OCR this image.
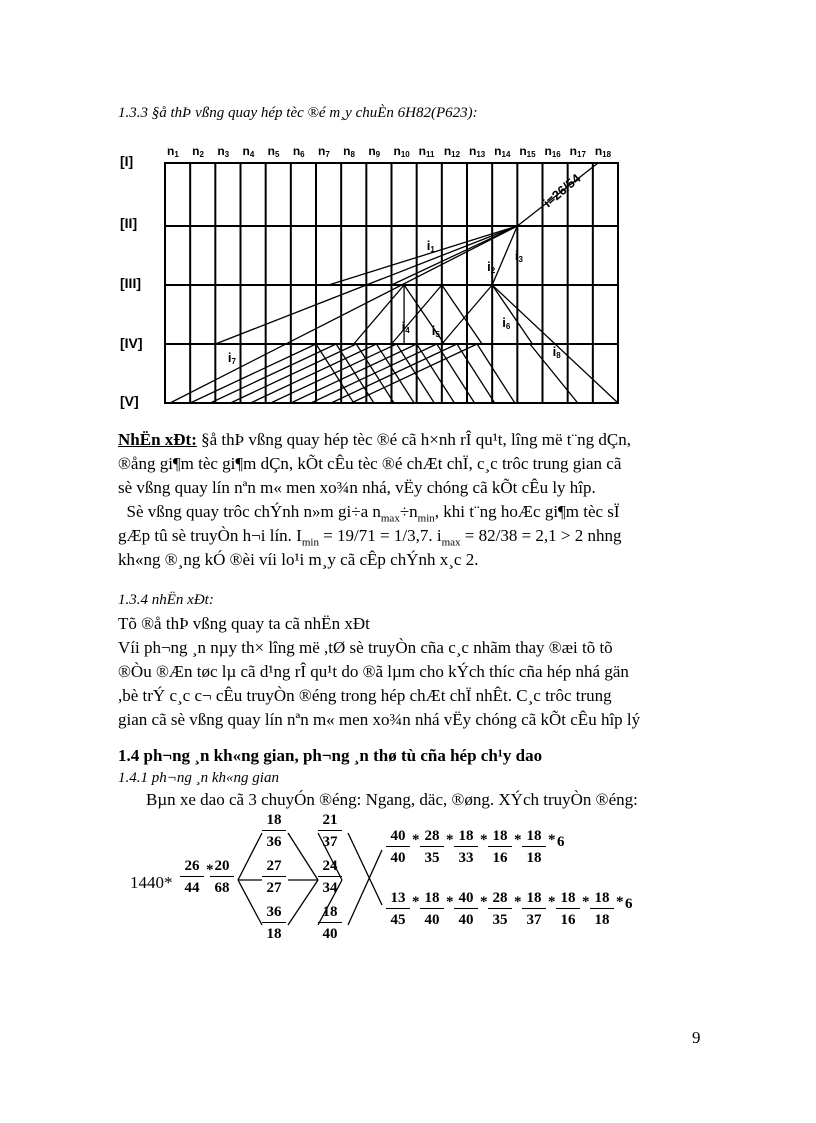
1.3.3 §å thÞ vßng quay hép tèc ®é m¸y chuÈn 6H82(P623):
n1 n2 n3 n4 n5 n6 n7 n8 n9 n10 n11 n12 n13 n14 n15 n16 n17 n18
[I]
[II]
[III]
[IV]
[V]
i=26/54
i1
i2
i3
i4 i5
i6
i7
i8
NhËn xÐt: §å thÞ vßng quay hép tèc ®é cã h×nh rÎ qu¹t, lîng më t¨ng dÇn,
®ång gi¶m tèc gi¶m dÇn, kÕt cÊu tèc ®é chÆt chÏ, c¸c trôc trung gian cã
sè vßng quay lín nªn m« men xo¾n nhá, vËy chóng cã kÕt cÊu ly hîp.
Sè vßng quay trôc chÝnh n»m gi÷a $n_{max}\div n_{min}$, khi t¨ng hoÆc gi¶m tèc sÏ
gÆp tû sè truyÒn h¬i lín. $I_{min} = 19/71 = 1/3,7$. $i_{max} = 82/38 = 2,1 > 2$ nhng
kh«ng ®¸ng kÓ ®èi víi lo¹i m¸y cã cÊp chÝnh x¸c 2.
1.3.4 nhËn xÐt:
Tõ ®å thÞ vßng quay ta cã nhËn xÐt
Víi ph¬ng ¸n nµy th× lîng më ,tØ sè truyÒn cña c¸c nhãm thay ®æi tõ tõ
®Òu ®Æn tøc lµ cã d¹ng rÎ qu¹t do ®ã lµm cho kÝch thíc cña hép nhá gän
,bè trÝ c¸c c¬ cÊu truyÒn ®éng trong hép chÆt chÏ nhÊt. C¸c trôc trung
gian cã sè vßng quay lín nªn m« men xo¾n nhá vËy chóng cã kÕt cÊu hîp lý
1.4 ph¬ng ¸n kh«ng gian, ph¬ng ¸n thø tù cña hép ch¹y dao
1.4.1 ph¬ng ¸n kh«ng gian
Bµn xe dao cã 3 chuyÓn ®éng: Ngang, däc, ®øng. XÝch truyÒn ®éng:
1440*
26
44
* 20
68
18
36
27
27
36
18
21
37
24
34
18
40
40
40
* 28
35
* 18
33
* 18
16
* 18
18
* 6
13
45
* 18
40
* 40
40
* 28
35
* 18
37
* 18
16
* 18
18
* 6
9
